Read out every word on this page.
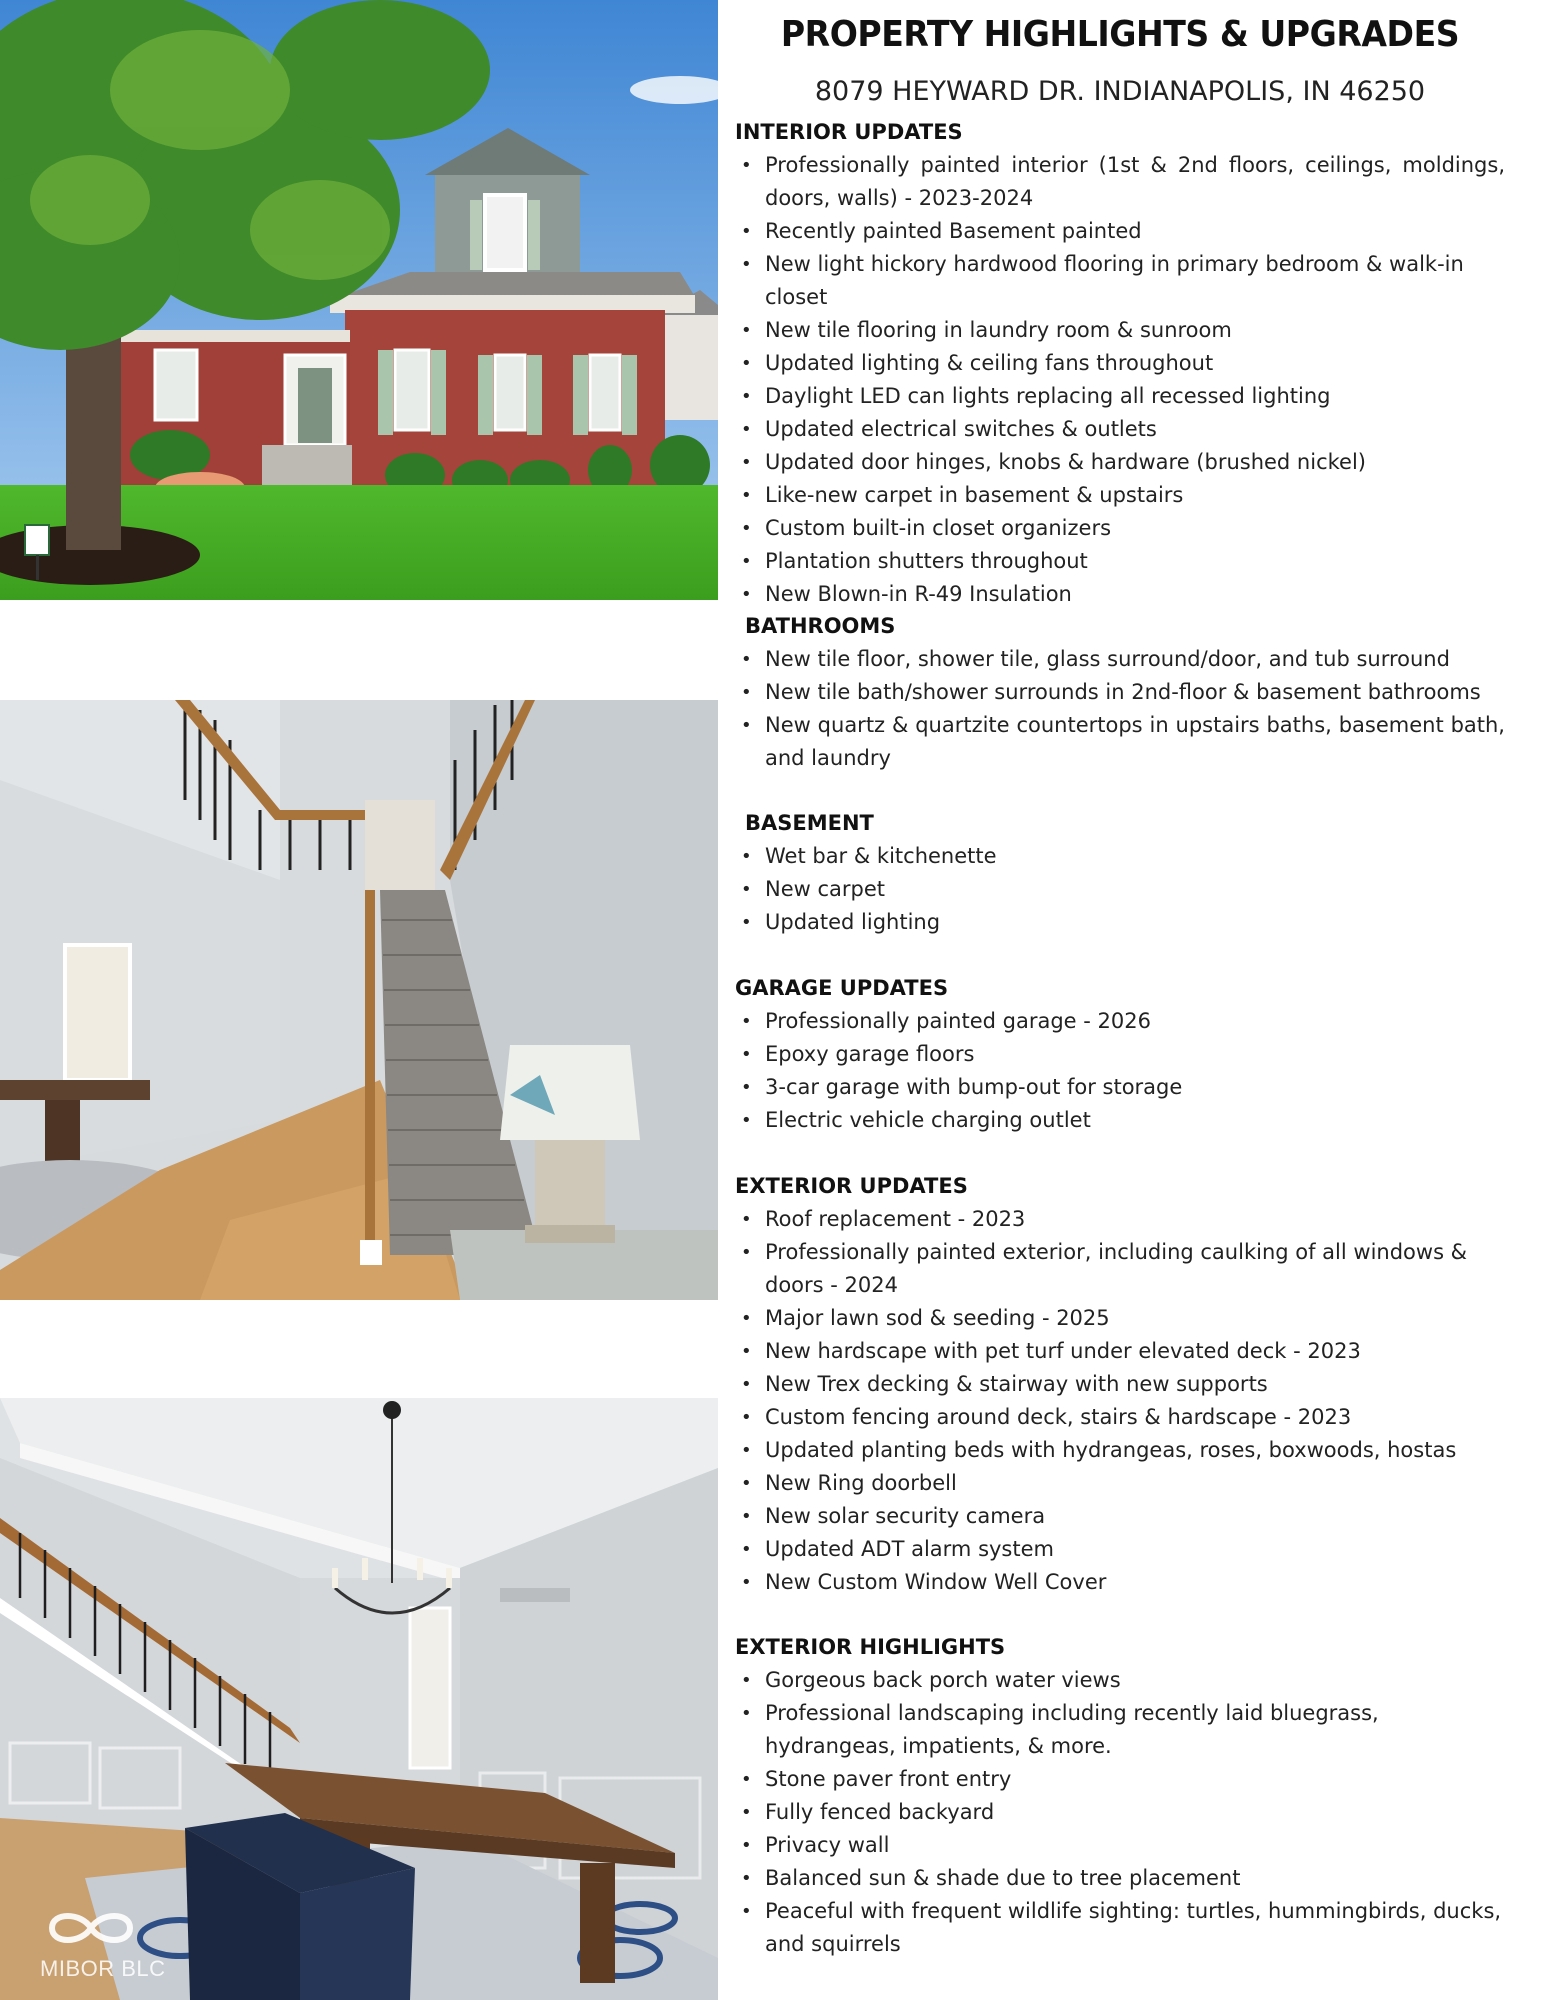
MIBOR BLC
PROPERTY HIGHLIGHTS & UPGRADES
8079 HEYWARD DR. INDIANAPOLIS, IN 46250
INTERIOR UPDATES
• Professionally painted interior (1st & 2nd floors, ceilings, moldings, doors, walls) - 2023-2024
• Recently painted Basement painted
• New light hickory hardwood flooring in primary bedroom & walk-in closet
• New tile flooring in laundry room & sunroom
• Updated lighting & ceiling fans throughout
• Daylight LED can lights replacing all recessed lighting
• Updated electrical switches & outlets
• Updated door hinges, knobs & hardware (brushed nickel)
• Like-new carpet in basement & upstairs
• Custom built-in closet organizers
• Plantation shutters throughout
• New Blown-in R-49 Insulation
BATHROOMS
• New tile floor, shower tile, glass surround/door, and tub surround
• New tile bath/shower surrounds in 2nd-floor & basement bathrooms
• New quartz & quartzite countertops in upstairs baths, basement bath, and laundry
BASEMENT
• Wet bar & kitchenette
• New carpet
• Updated lighting
GARAGE UPDATES
• Professionally painted garage - 2026
• Epoxy garage floors
• 3-car garage with bump-out for storage
• Electric vehicle charging outlet
EXTERIOR UPDATES
• Roof replacement - 2023
• Professionally painted exterior, including caulking of all windows & doors - 2024
• Major lawn sod & seeding - 2025
• New hardscape with pet turf under elevated deck - 2023
• New Trex decking & stairway with new supports
• Custom fencing around deck, stairs & hardscape - 2023
• Updated planting beds with hydrangeas, roses, boxwoods, hostas
• New Ring doorbell
• New solar security camera
• Updated ADT alarm system
• New Custom Window Well Cover
EXTERIOR HIGHLIGHTS
• Gorgeous back porch water views
• Professional landscaping including recently laid bluegrass, hydrangeas, impatients, & more.
• Stone paver front entry
• Fully fenced backyard
• Privacy wall
• Balanced sun & shade due to tree placement
• Peaceful with frequent wildlife sighting: turtles, hummingbirds, ducks, and squirrels
